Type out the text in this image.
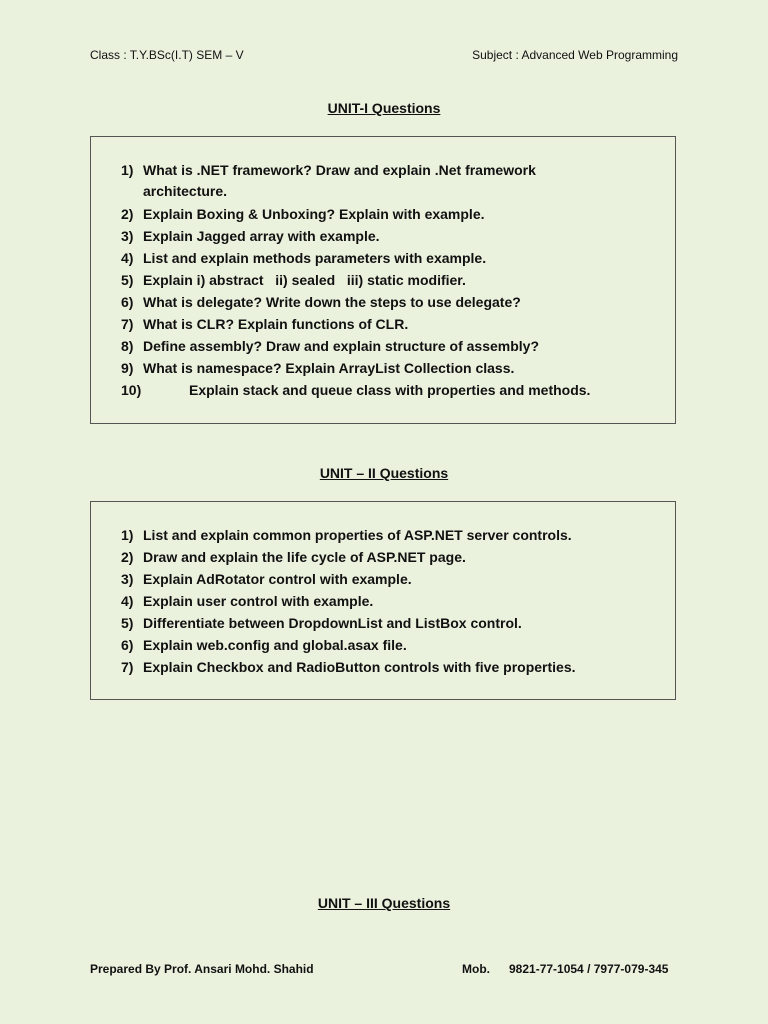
Class : T.Y.BSc(I.T) SEM – V	Subject : Advanced Web Programming
UNIT-I Questions
1) What is .NET framework? Draw and explain .Net framework
architecture.
2) Explain Boxing & Unboxing? Explain with example.
3) Explain Jagged array with example.
4) List and explain methods parameters with example.
5) Explain i) abstract   ii) sealed   iii) static modifier.
6) What is delegate? Write down the steps to use delegate?
7) What is CLR? Explain functions of CLR.
8) Define assembly? Draw and explain structure of assembly?
9) What is namespace? Explain ArrayList Collection class.
10)	Explain stack and queue class with properties and methods.
UNIT – II Questions
1) List and explain common properties of ASP.NET server controls.
2) Draw and explain the life cycle of ASP.NET page.
3) Explain AdRotator control with example.
4) Explain user control with example.
5) Differentiate between DropdownList and ListBox control.
6) Explain web.config and global.asax file.
7) Explain Checkbox and RadioButton controls with five properties.
UNIT – III Questions
Prepared By Prof. Ansari Mohd. Shahid	Mob. 9821-77-1054 / 7977-079-345
